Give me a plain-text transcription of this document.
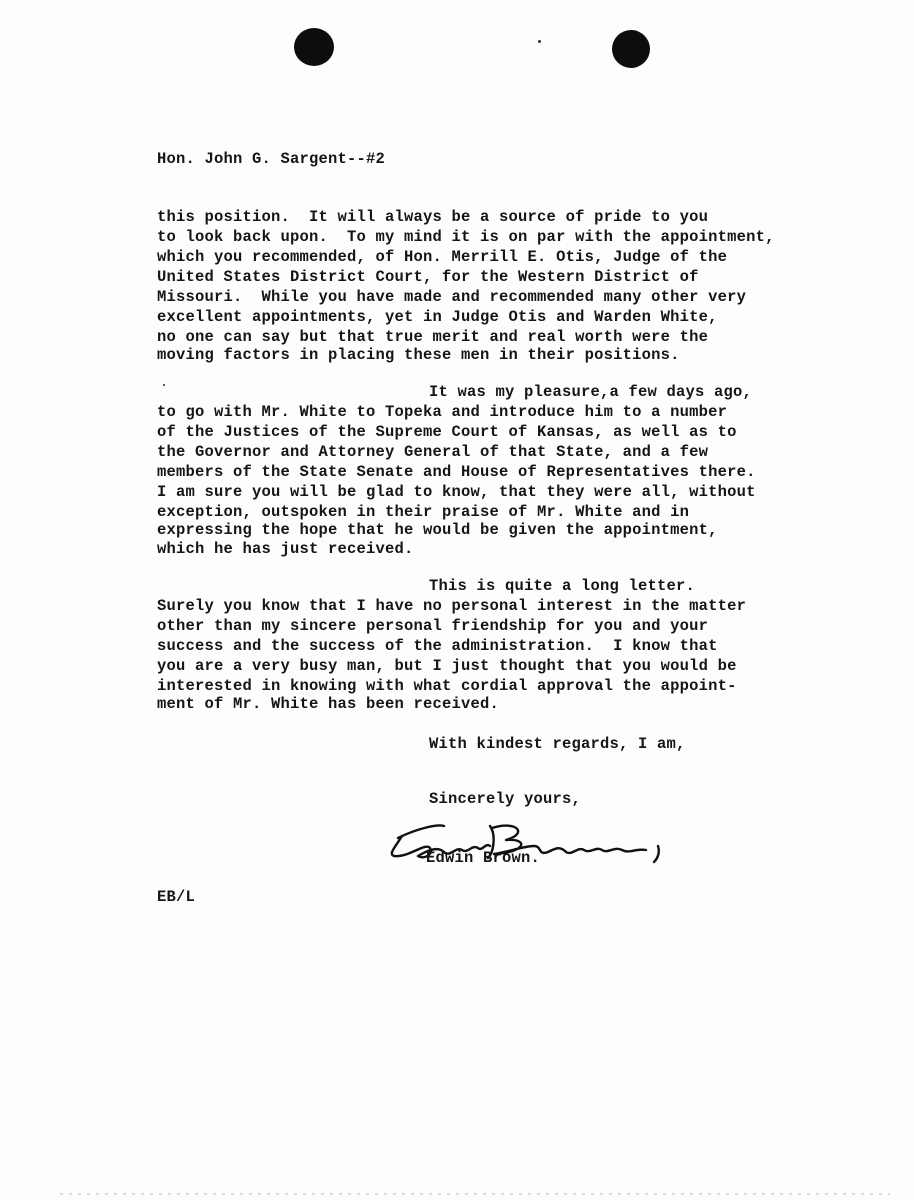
Hon. John G. Sargent--#2
this position.  It will always be a source of pride to you
to look back upon.  To my mind it is on par with the appointment,
which you recommended, of Hon. Merrill E. Otis, Judge of the
United States District Court, for the Western District of
Missouri.  While you have made and recommended many other very
excellent appointments, yet in Judge Otis and Warden White,
no one can say but that true merit and real worth were the
moving factors in placing these men in their positions.
It was my pleasure,a few days ago,
to go with Mr. White to Topeka and introduce him to a number
of the Justices of the Supreme Court of Kansas, as well as to
the Governor and Attorney General of that State, and a few
members of the State Senate and House of Representatives there.
I am sure you will be glad to know, that they were all, without
exception, outspoken in their praise of Mr. White and in
expressing the hope that he would be given the appointment,
which he has just received.
This is quite a long letter.
Surely you know that I have no personal interest in the matter
other than my sincere personal friendship for you and your
success and the success of the administration.  I know that
you are a very busy man, but I just thought that you would be
interested in knowing with what cordial approval the appoint-
ment of Mr. White has been received.
With kindest regards, I am,
Sincerely yours,
Edwin Brown.
EB/L
